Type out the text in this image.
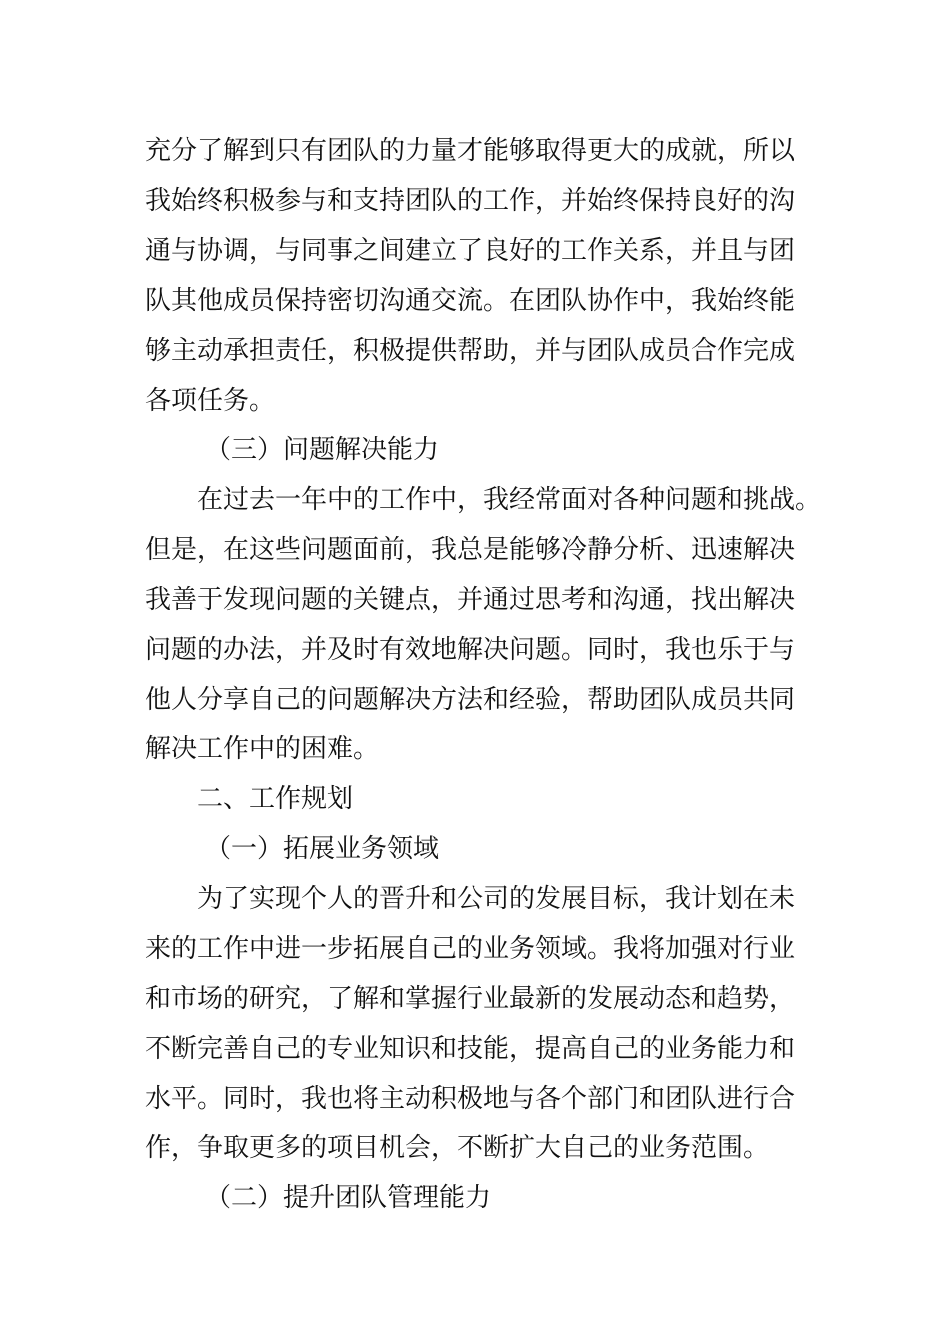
充分了解到只有团队的力量才能够取得更大的成就，所以
我始终积极参与和支持团队的工作，并始终保持良好的沟
通与协调，与同事之间建立了良好的工作关系，并且与团
队其他成员保持密切沟通交流。在团队协作中，我始终能
够主动承担责任，积极提供帮助，并与团队成员合作完成
各项任务。
（三）问题解决能力
在过去一年中的工作中，我经常面对各种问题和挑战。
但是，在这些问题面前，我总是能够冷静分析、迅速解决
我善于发现问题的关键点，并通过思考和沟通，找出解决
问题的办法，并及时有效地解决问题。同时，我也乐于与
他人分享自己的问题解决方法和经验，帮助团队成员共同
解决工作中的困难。
二、工作规划
（一）拓展业务领域
为了实现个人的晋升和公司的发展目标，我计划在未
来的工作中进一步拓展自己的业务领域。我将加强对行业
和市场的研究，了解和掌握行业最新的发展动态和趋势，
不断完善自己的专业知识和技能，提高自己的业务能力和
水平。同时，我也将主动积极地与各个部门和团队进行合
作，争取更多的项目机会，不断扩大自己的业务范围。
（二）提升团队管理能力
